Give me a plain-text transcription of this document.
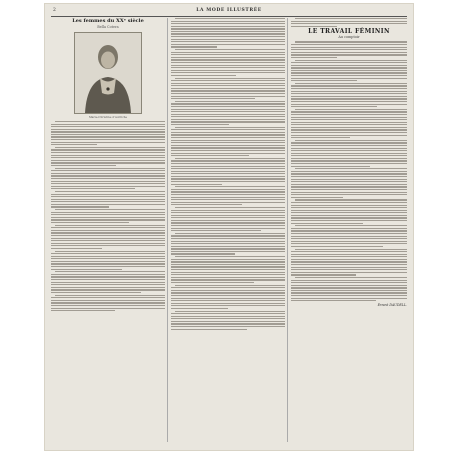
2	LA MODE ILLUSTRÉE
Les femmes du XXᵉ siècle
Bella Cotera
Marie-Christine d'Autriche
LE TRAVAIL FÉMININ
Au comptoir
Ernest DAUDELL.
